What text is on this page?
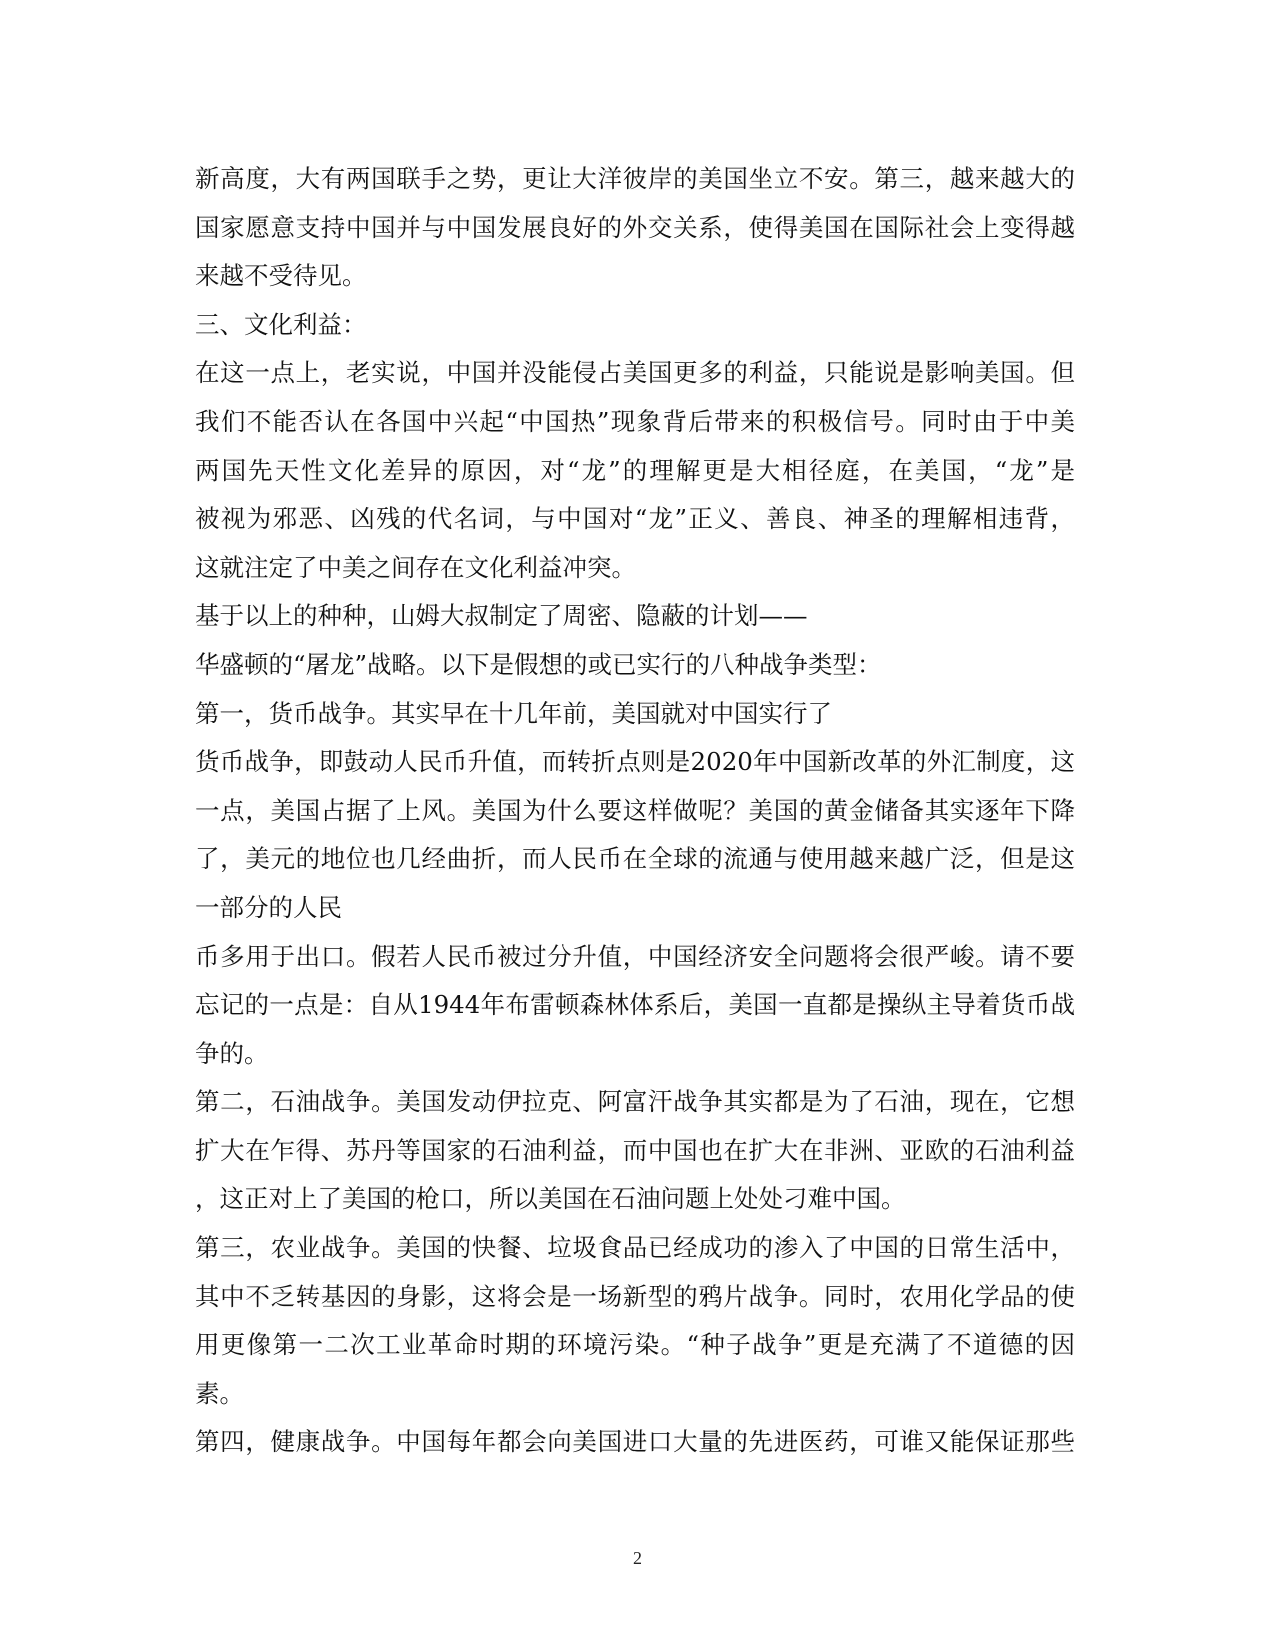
新高度，大有两国联手之势，更让大洋彼岸的美国坐立不安。第三，越来越大的
国家愿意支持中国并与中国发展良好的外交关系，使得美国在国际社会上变得越
来越不受待见。
三、文化利益：
在这一点上，老实说，中国并没能侵占美国更多的利益，只能说是影响美国。但
我们不能否认在各国中兴起“中国热”现象背后带来的积极信号。同时由于中美
两国先天性文化差异的原因，对“龙”的理解更是大相径庭，在美国，“龙”是
被视为邪恶、凶残的代名词，与中国对“龙”正义、善良、神圣的理解相违背，
这就注定了中美之间存在文化利益冲突。
基于以上的种种，山姆大叔制定了周密、隐蔽的计划——
华盛顿的“屠龙”战略。以下是假想的或已实行的八种战争类型：
第一，货币战争。其实早在十几年前，美国就对中国实行了
货币战争，即鼓动人民币升值，而转折点则是2020年中国新改革的外汇制度，这
一点，美国占据了上风。美国为什么要这样做呢？美国的黄金储备其实逐年下降
了，美元的地位也几经曲折，而人民币在全球的流通与使用越来越广泛，但是这
一部分的人民
币多用于出口。假若人民币被过分升值，中国经济安全问题将会很严峻。请不要
忘记的一点是：自从1944年布雷顿森林体系后，美国一直都是操纵主导着货币战
争的。
第二，石油战争。美国发动伊拉克、阿富汗战争其实都是为了石油，现在，它想
扩大在乍得、苏丹等国家的石油利益，而中国也在扩大在非洲、亚欧的石油利益
，这正对上了美国的枪口，所以美国在石油问题上处处刁难中国。
第三，农业战争。美国的快餐、垃圾食品已经成功的渗入了中国的日常生活中，
其中不乏转基因的身影，这将会是一场新型的鸦片战争。同时，农用化学品的使
用更像第一二次工业革命时期的环境污染。“种子战争”更是充满了不道德的因
素。
第四，健康战争。中国每年都会向美国进口大量的先进医药，可谁又能保证那些
2
